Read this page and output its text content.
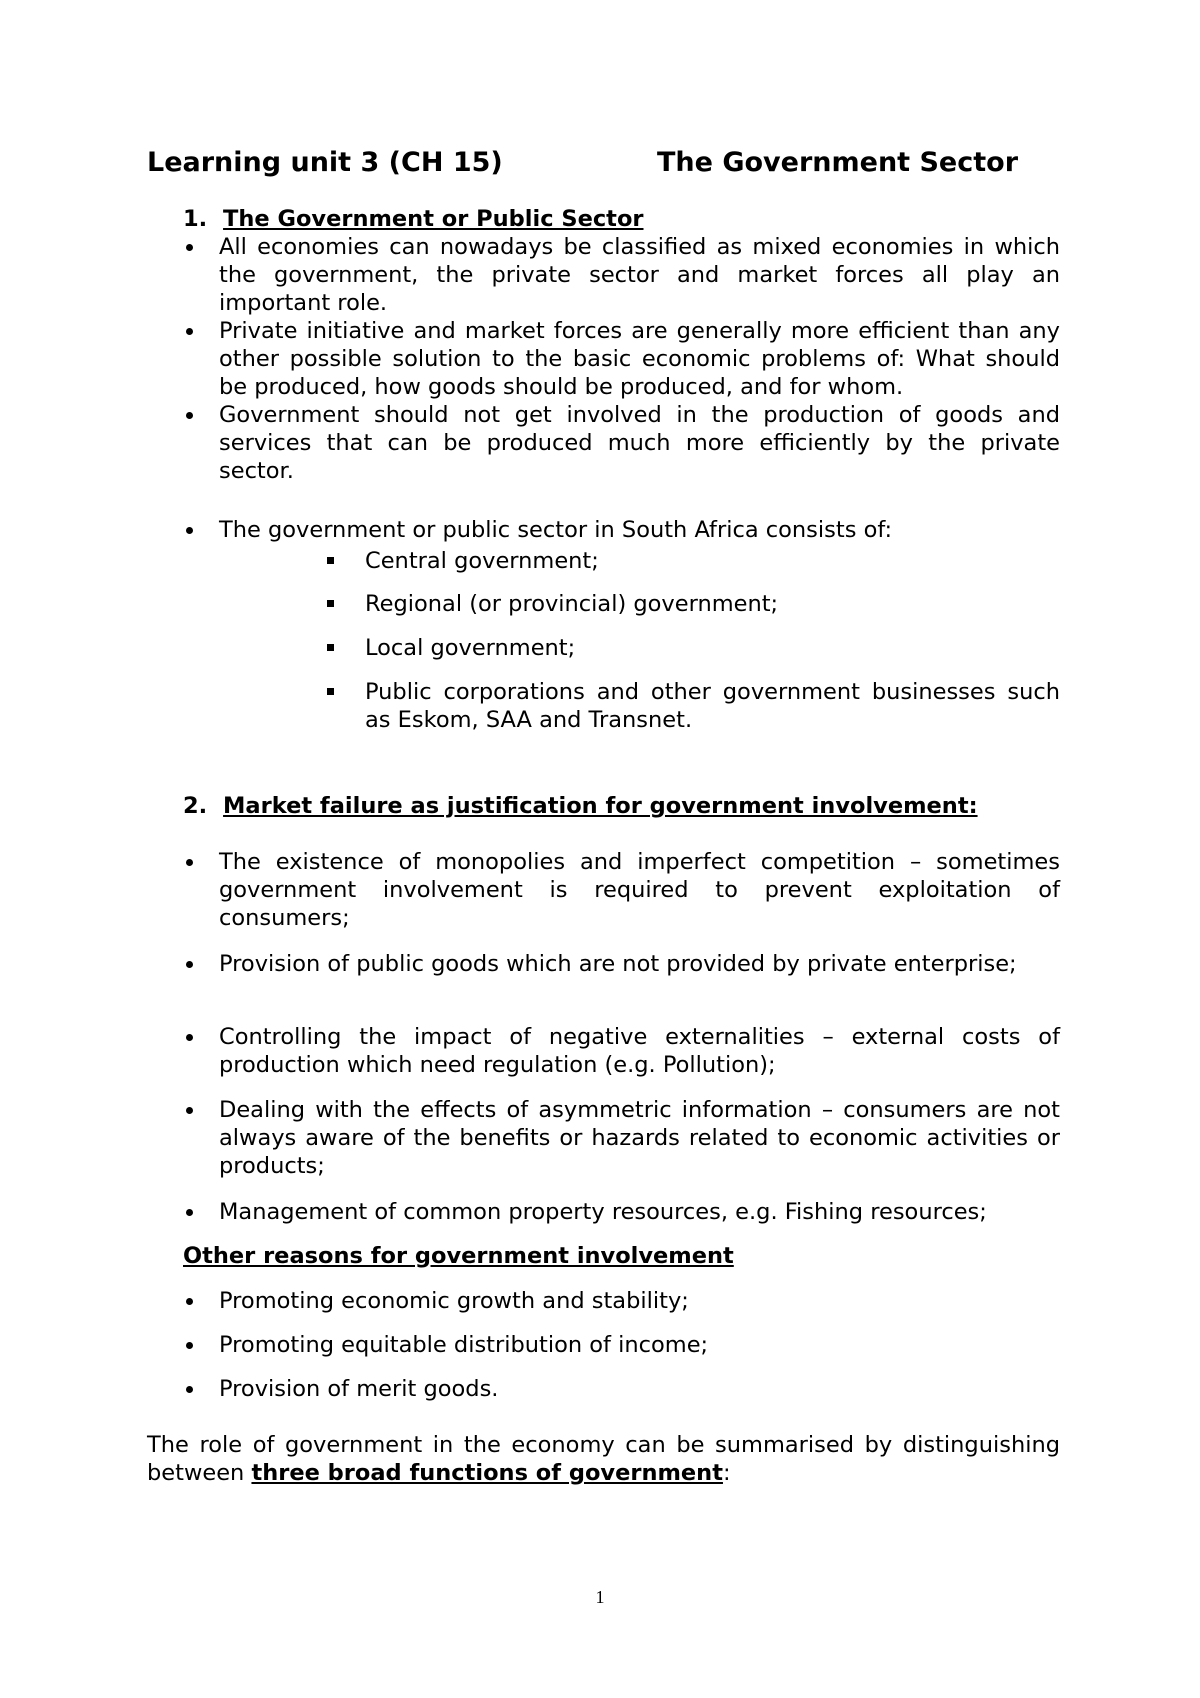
Learning unit 3 (CH 15)	The Government Sector
1. The Government or Public Sector
All economies can nowadays be classified as mixed economies in which the government, the private sector and market forces all play an important role.
Private initiative and market forces are generally more efficient than any other possible solution to the basic economic problems of: What should be produced, how goods should be produced, and for whom.
Government should not get involved in the production of goods and services that can be produced much more efficiently by the private sector.
The government or public sector in South Africa consists of:
Central government;
Regional (or provincial) government;
Local government;
Public corporations and other government businesses such as Eskom, SAA and Transnet.
2. Market failure as justification for government involvement:
The existence of monopolies and imperfect competition – sometimes government involvement is required to prevent exploitation of consumers;
Provision of public goods which are not provided by private enterprise;
Controlling the impact of negative externalities – external costs of production which need regulation (e.g. Pollution);
Dealing with the effects of asymmetric information – consumers are not always aware of the benefits or hazards related to economic activities or products;
Management of common property resources, e.g. Fishing resources;
Other reasons for government involvement
Promoting economic growth and stability;
Promoting equitable distribution of income;
Provision of merit goods.
The role of government in the economy can be summarised by distinguishing between three broad functions of government:
1
